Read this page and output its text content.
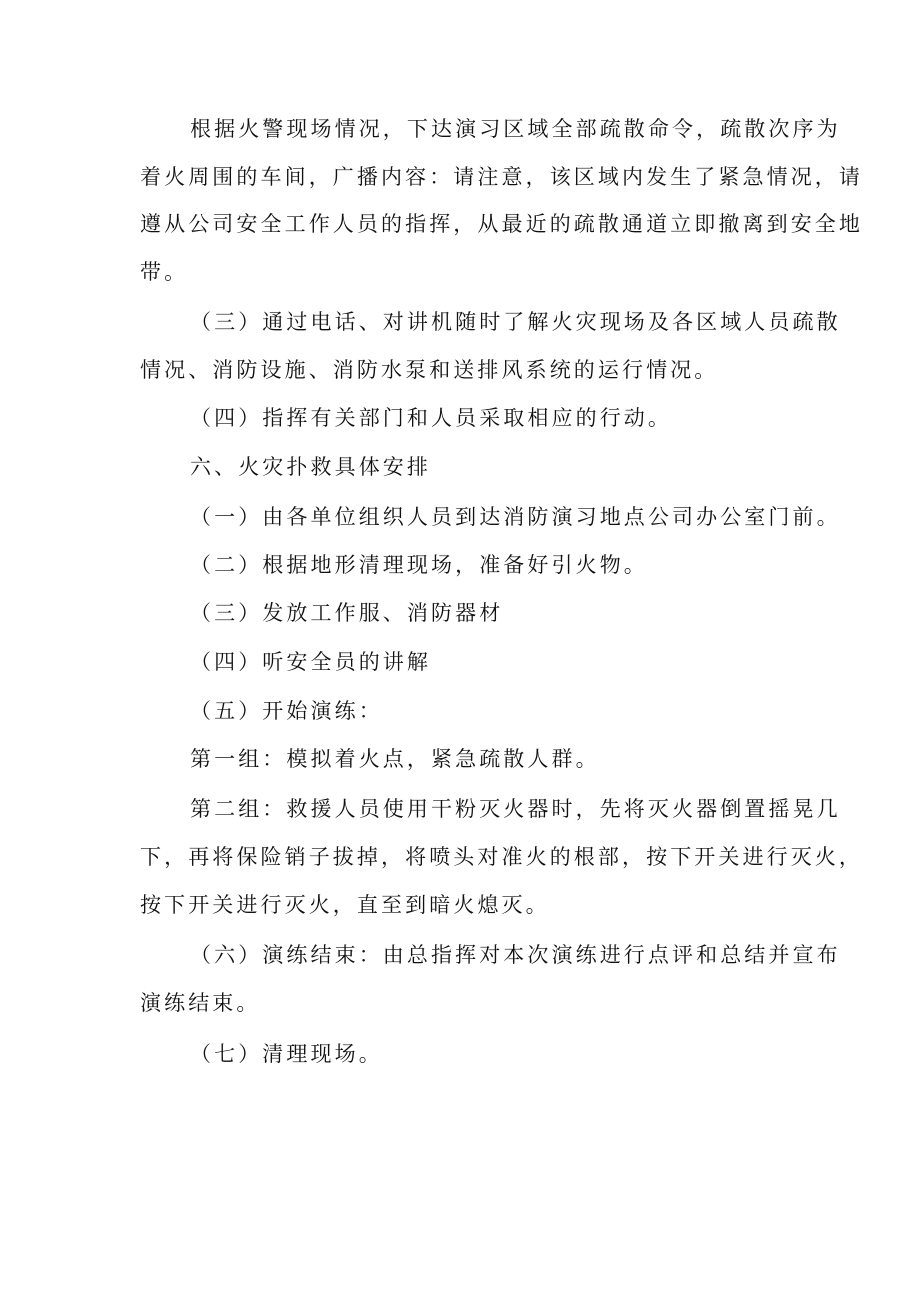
根据火警现场情况，下达演习区域全部疏散命令，疏散次序为
着火周围的车间，广播内容：请注意，该区域内发生了紧急情况，请
遵从公司安全工作人员的指挥，从最近的疏散通道立即撤离到安全地
带。
（三）通过电话、对讲机随时了解火灾现场及各区域人员疏散
情况、消防设施、消防水泵和送排风系统的运行情况。
（四）指挥有关部门和人员采取相应的行动。
六、火灾扑救具体安排
（一）由各单位组织人员到达消防演习地点公司办公室门前。
（二）根据地形清理现场，准备好引火物。
（三）发放工作服、消防器材
（四）听安全员的讲解
（五）开始演练：
第一组：模拟着火点，紧急疏散人群。
第二组：救援人员使用干粉灭火器时，先将灭火器倒置摇晃几
下，再将保险销子拔掉，将喷头对准火的根部，按下开关进行灭火，
按下开关进行灭火，直至到暗火熄灭。
（六）演练结束：由总指挥对本次演练进行点评和总结并宣布
演练结束。
（七）清理现场。
